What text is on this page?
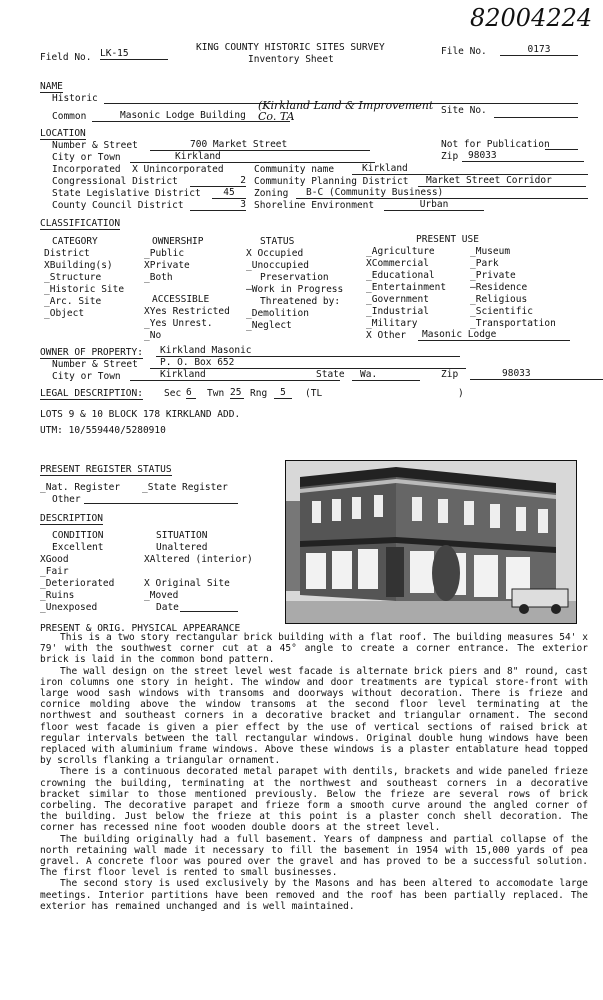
82004224
Field No. LK-15
KING COUNTY HISTORIC SITES SURVEY
Inventory Sheet
File No.	0173
NAME
Historic
Common	Masonic Lodge Building
(Kirkland Land & Improvement Co. TA	Site No.
LOCATION
Number & Street	700 Market Street	Not for Publication
City or Town	Kirkland	Zip	98033
Incorporated  X Unincorporated	Community name	Kirkland
Congressional District	2 Community Planning District	Market Street Corridor
State Legislative District	45	Zoning	B-C (Community Business)
County Council District	3 Shoreline Environment	Urban
CLASSIFICATION
CATEGORY
District
XBuilding(s)
_Structure
_Historic Site
_Arc. Site
_Object
OWNERSHIP
_Public
XPrivate
_Both
ACCESSIBLE
XYes Restricted
_Yes Unrest.
_No
STATUS
X Occupied
_Unoccupied
Preservation
—Work in Progress
Threatened by:
_Demolition
_Neglect
PRESENT USE
_Agriculture
XCommercial
_Educational
_Entertainment
_Government
_Industrial
_Military
X Other	Masonic Lodge
_Museum
_Park
_Private
—Residence
_Religious
_Scientific
_Transportation
OWNER OF PROPERTY:	Kirkland Masonic
Number & Street	P. O. Box 652
City or Town	Kirkland	State	Wa.	Zip	98033
LEGAL DESCRIPTION: Sec 6	Twn 25 Rng	5	(TL	)
LOTS 9 & 10 BLOCK 178 KIRKLAND ADD.
UTM: 10/559440/5280910
PRESENT REGISTER STATUS
_Nat. Register _State Register
Other
DESCRIPTION
CONDITION
Excellent
XGood
_Fair
_Deteriorated
_Ruins
_Unexposed
SITUATION
Unaltered
XAltered (interior)
X Original Site
_Moved
Date
PRESENT & ORIG. PHYSICAL APPEARANCE

This is a two story rectangular brick building with a flat roof. The building measures 54' x 79' with the southwest corner cut at a 45° angle to create a corner entrance. The exterior brick is laid in the common bond pattern.

The wall design on the street level west facade is alternate brick piers and 8" round, cast iron columns one story in height. The window and door treatments are typical store-front with large wood sash windows with transoms and doorways without decoration. There is frieze and cornice molding above the window transoms at the second floor level terminating at the northwest and southeast corners in a decorative bracket and triangular ornament. The second floor west facade is given a pier effect by the use of vertical sections of raised brick at regular intervals between the tall rectangular windows. Original double hung windows have been replaced with aluminium frame windows. Above these windows is a plaster entablature head topped by scrolls flanking a triangular ornament.

There is a continuous decorated metal parapet with dentils, brackets and wide paneled frieze crowning the building, terminating at the northwest and southeast corners in a decorative bracket similar to those mentioned previously. Below the frieze are several rows of brick corbeling. The decorative parapet and frieze form a smooth curve around the angled corner of the building. Just below the frieze at this point is a plaster conch shell decoration. The corner has recessed nine foot wooden double doors at the street level.

The building originally had a full basement. Years of dampness and partial collapse of the north retaining wall made it necessary to fill the basement in 1954 with 15,000 yards of pea gravel. A concrete floor was poured over the gravel and has proved to be a successful solution. The first floor level is rented to small businesses.

The second story is used exclusively by the Masons and has been altered to accomodate large meetings. Interior partitions have been removed and the roof has been partially replaced. The exterior has remained unchanged and is well maintained.
